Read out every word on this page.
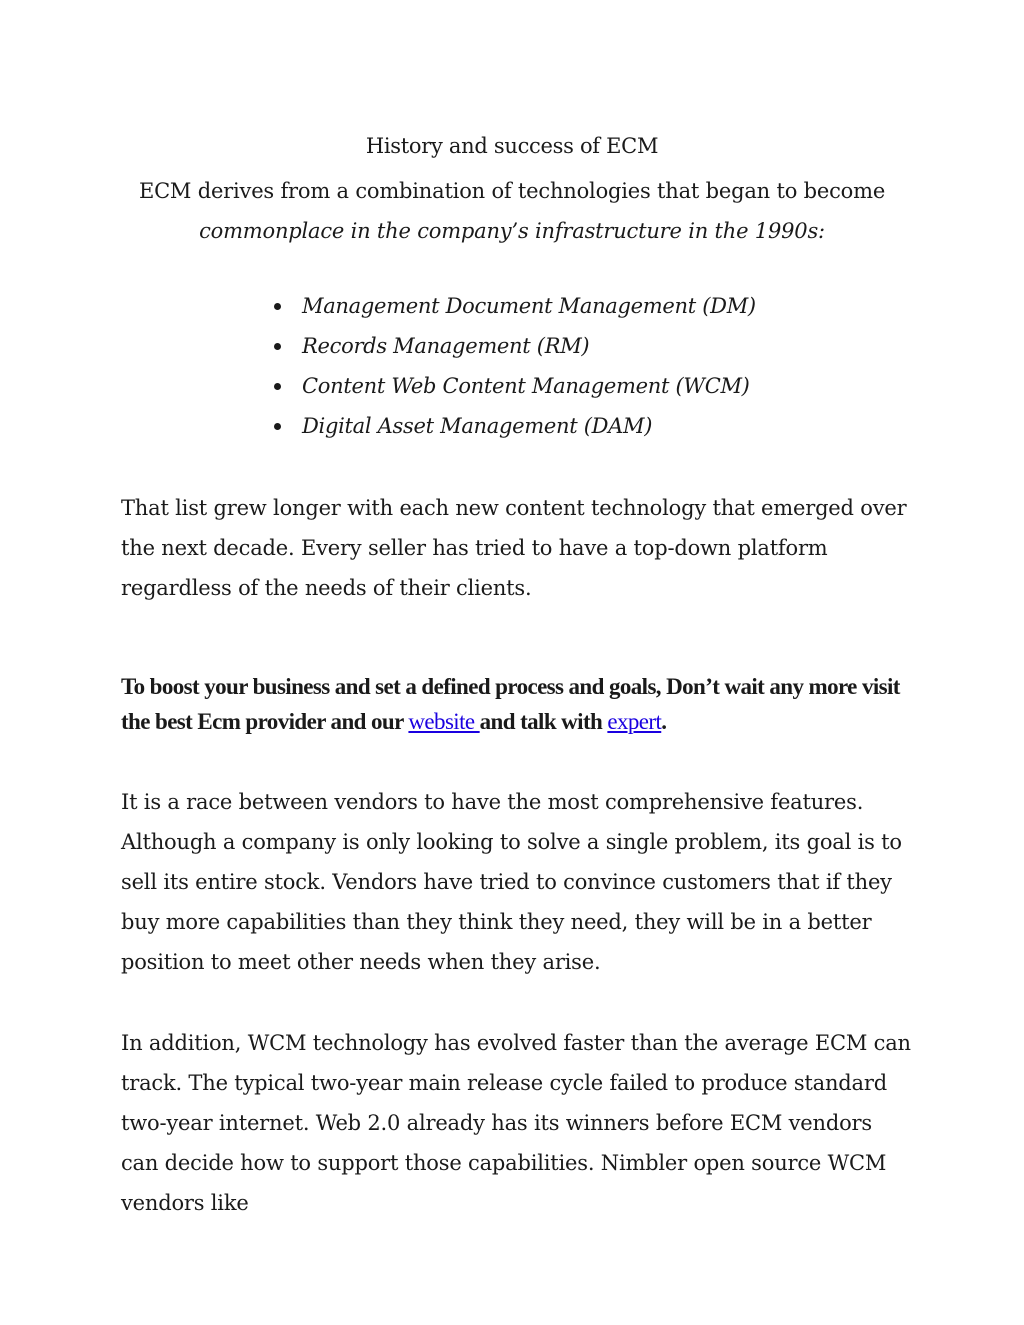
History and success of ECM
ECM derives from a combination of technologies that began to become
commonplace in the company’s infrastructure in the 1990s:
Management Document Management (DM)
Records Management (RM)
Content Web Content Management (WCM)
Digital Asset Management (DAM)

That list grew longer with each new content technology that emerged over the next decade. Every seller has tried to have a top-down platform regardless of the needs of their clients.

To boost your business and set a defined process and goals, Don’t wait any more visit the best Ecm provider and our website and talk with expert.

It is a race between vendors to have the most comprehensive features. Although a company is only looking to solve a single problem, its goal is to sell its entire stock. Vendors have tried to convince customers that if they buy more capabilities than they think they need, they will be in a better position to meet other needs when they arise.

In addition, WCM technology has evolved faster than the average ECM can track. The typical two-year main release cycle failed to produce standard two-year internet. Web 2.0 already has its winners before ECM vendors can decide how to support those capabilities. Nimbler open source WCM vendors like
